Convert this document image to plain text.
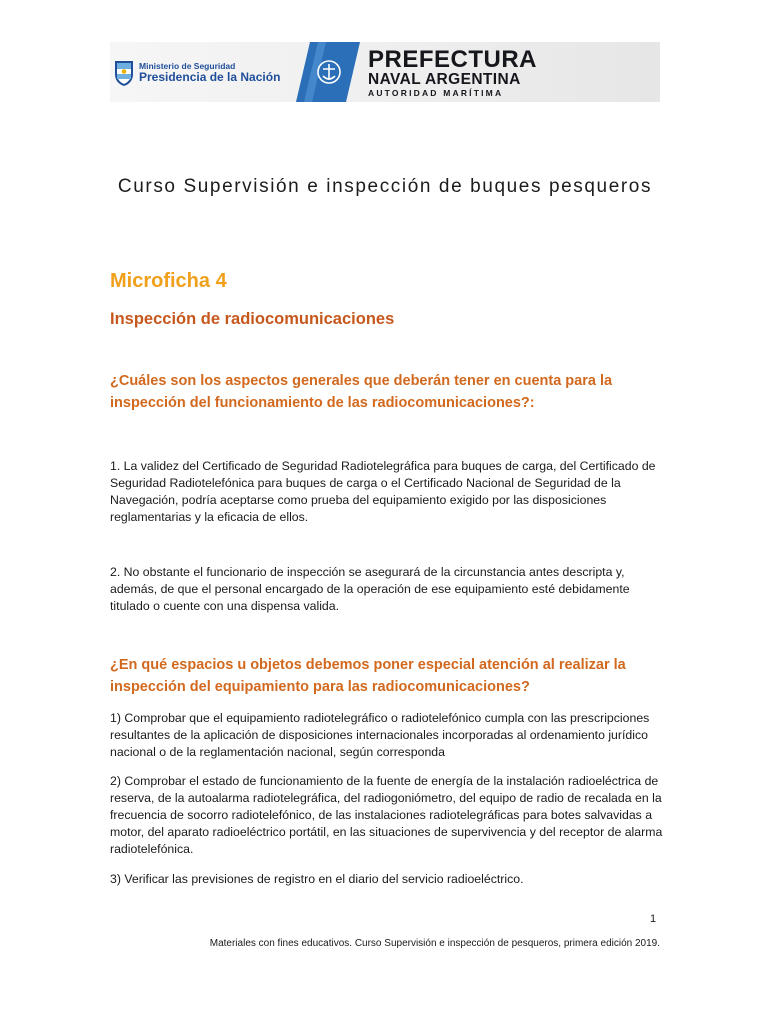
Ministerio de Seguridad
Presidencia de la Nación
PREFECTURA
NAVAL ARGENTINA
AUTORIDAD MARÍTIMA
Curso Supervisión e inspección de buques pesqueros
Microficha 4
Inspección de radiocomunicaciones
¿Cuáles son los aspectos generales que deberán tener en cuenta para la inspección del funcionamiento de las radiocomunicaciones?:
1. La validez del Certificado de Seguridad Radiotelegráfica para buques de carga, del Certificado de Seguridad Radiotelefónica para buques de carga o el Certificado Nacional de Seguridad de la Navegación, podría aceptarse como prueba del equipamiento exigido por las disposiciones reglamentarias y la eficacia de ellos.
2. No obstante el funcionario de inspección se asegurará de la circunstancia antes descripta y, además, de que el personal encargado de la operación de ese equipamiento esté debidamente titulado o cuente con una dispensa valida.
¿En qué espacios u objetos debemos poner especial atención al realizar la inspección del equipamiento para las radiocomunicaciones?
1) Comprobar que el equipamiento radiotelegráfico o radiotelefónico cumpla con las prescripciones resultantes de la aplicación de disposiciones internacionales incorporadas al ordenamiento jurídico nacional o de la reglamentación nacional, según corresponda
2) Comprobar el estado de funcionamiento de la fuente de energía de la instalación radioeléctrica de reserva, de la autoalarma radiotelegráfica, del radiogoniómetro, del equipo de radio de recalada en la frecuencia de socorro radiotelefónico, de las instalaciones radiotelegráficas para botes salvavidas a motor, del aparato radioeléctrico portátil, en las situaciones de supervivencia y del receptor de alarma radiotelefónica.
3) Verificar las previsiones de registro en el diario del servicio radioeléctrico.
1
Materiales con fines educativos. Curso Supervisión e inspección de pesqueros, primera edición 2019.
